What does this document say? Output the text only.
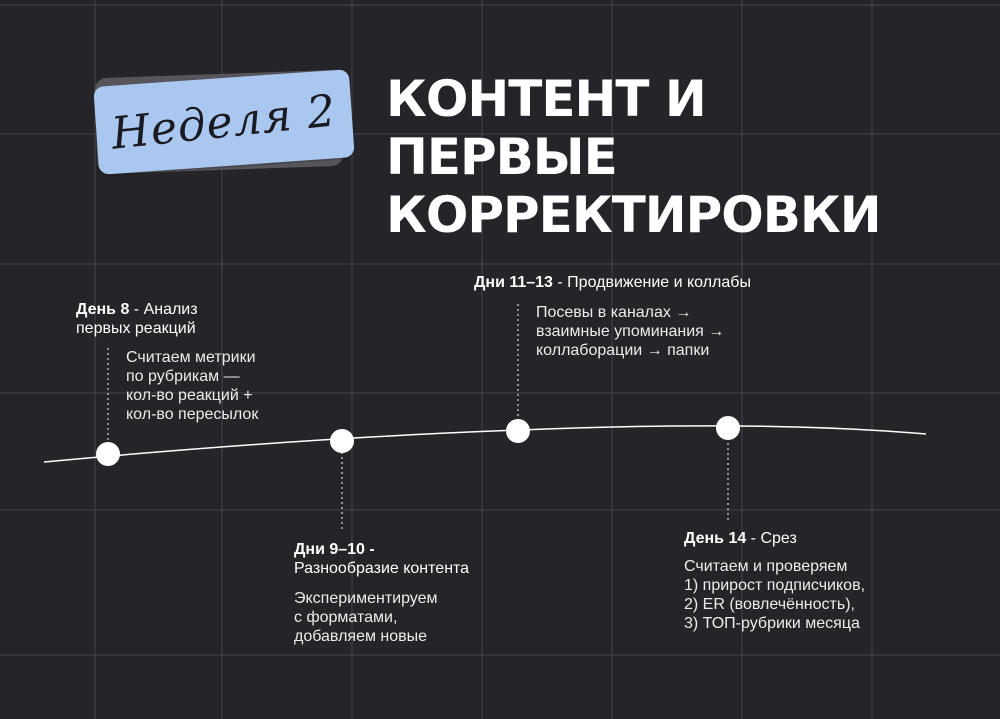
Неделя 2 КОНТЕНТ И ПЕРВЫЕ
КОРРЕКТИРОВКИ
День 8 - Анализ
первых реакций
Считаем метрики
по рубрикам —
кол-во реакций +
кол-во пересылок
Дни 9–10 -
Разнообразие контента
Экспериментируем
с форматами,
добавляем новые
Дни 11–13 - Продвижение и коллабы
Посевы в каналах →
взаимные упоминания →
коллаборации → папки
День 14 - Срез
Считаем и проверяем
1) прирост подписчиков,
2) ER (вовлечённость),
3) ТОП-рубрики месяца
